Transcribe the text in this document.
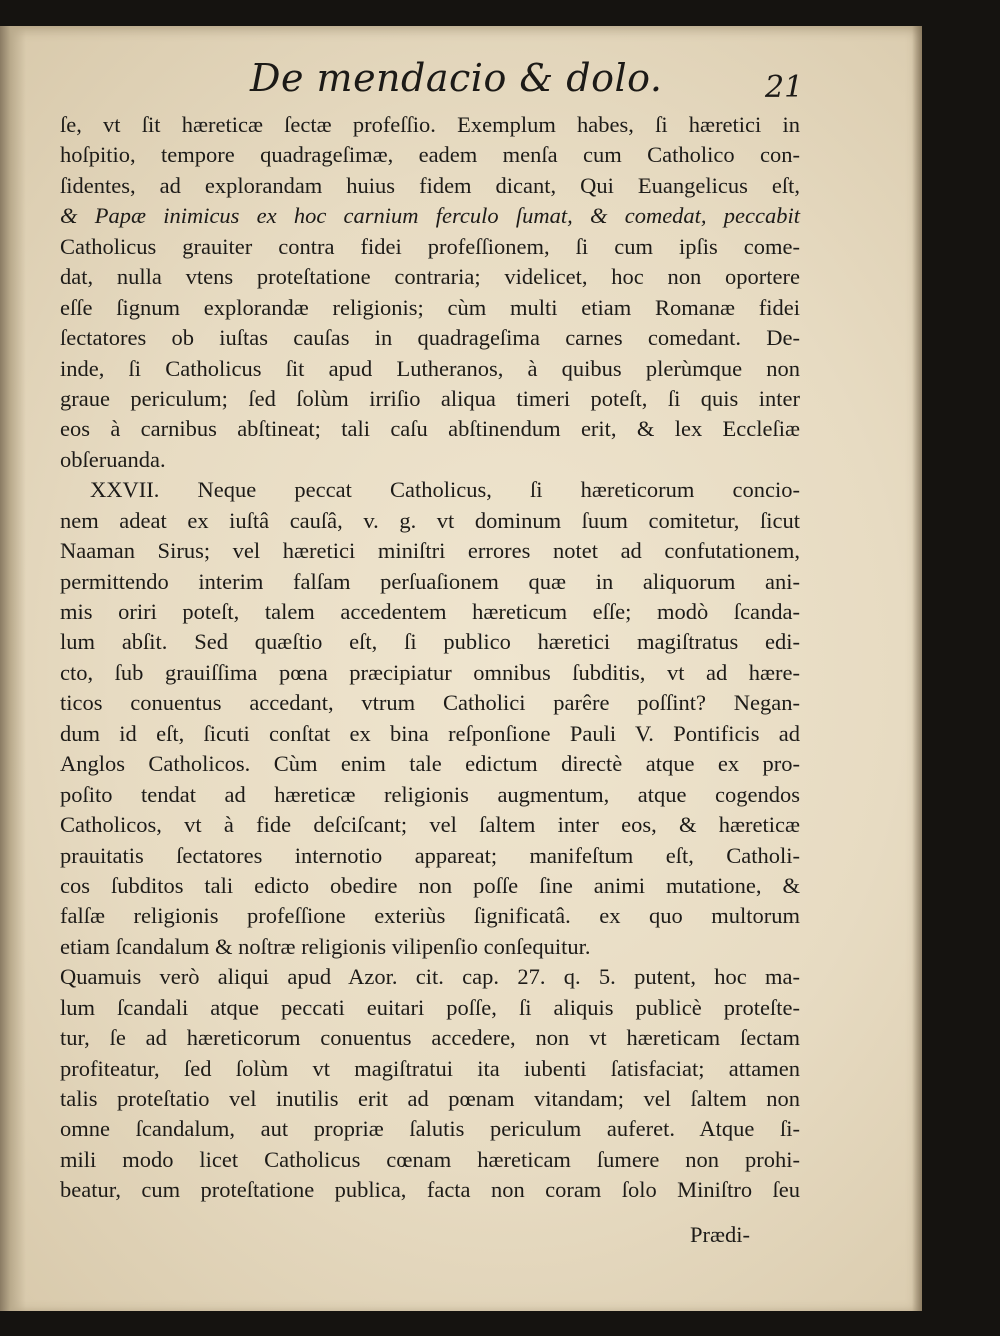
De mendacio & dolo.	21
ſe, vt ſit hæreticæ ſectæ profeſſio. Exemplum habes, ſi hæretici in
hoſpitio, tempore quadrageſimæ, eadem menſa cum Catholico con-
ſidentes, ad explorandam huius fidem dicant, Qui Euangelicus eſt,
& Papæ inimicus ex hoc carnium ferculo ſumat, & comedat, peccabit
Catholicus grauiter contra fidei profeſſionem, ſi cum ipſis come-
dat, nulla vtens proteſtatione contraria; videlicet, hoc non oportere
eſſe ſignum explorandæ religionis; cùm multi etiam Romanæ fidei
ſectatores ob iuſtas cauſas in quadrageſima carnes comedant. De-
inde, ſi Catholicus ſit apud Lutheranos, à quibus plerùmque non
graue periculum; ſed ſolùm irriſio aliqua timeri poteſt, ſi quis inter
eos à carnibus abſtineat; tali caſu abſtinendum erit, & lex Eccleſiæ
obſeruanda.
XXVII. Neque peccat Catholicus, ſi hæreticorum concio-
nem adeat ex iuſtâ cauſâ, v. g. vt dominum ſuum comitetur, ſicut
Naaman Sirus; vel hæretici miniſtri errores notet ad confutationem,
permittendo interim falſam perſuaſionem quæ in aliquorum ani-
mis oriri poteſt, talem accedentem hæreticum eſſe; modò ſcanda-
lum abſit. Sed quæſtio eſt, ſi publico hæretici magiſtratus edi-
cto, ſub grauiſſima pœna præcipiatur omnibus ſubditis, vt ad hære-
ticos conuentus accedant, vtrum Catholici parêre poſſint? Negan-
dum id eſt, ſicuti conſtat ex bina reſponſione Pauli V. Pontificis ad
Anglos Catholicos. Cùm enim tale edictum directè atque ex pro-
poſito tendat ad hæreticæ religionis augmentum, atque cogendos
Catholicos, vt à fide deſciſcant; vel ſaltem inter eos, & hæreticæ
prauitatis ſectatores internotio appareat; manifeſtum eſt, Catholi-
cos ſubditos tali edicto obedire non poſſe ſine animi mutatione, &
falſæ religionis profeſſione exteriùs ſignificatâ. ex quo multorum
etiam ſcandalum & noſtræ religionis vilipenſio conſequitur.
Quamuis verò aliqui apud Azor. cit. cap. 27. q. 5. putent, hoc ma-
lum ſcandali atque peccati euitari poſſe, ſi aliquis publicè proteſte-
tur, ſe ad hæreticorum conuentus accedere, non vt hæreticam ſectam
profiteatur, ſed ſolùm vt magiſtratui ita iubenti ſatisfaciat; attamen
talis proteſtatio vel inutilis erit ad pœnam vitandam; vel ſaltem non
omne ſcandalum, aut propriæ ſalutis periculum auferet. Atque ſi-
mili modo licet Catholicus cœnam hæreticam ſumere non prohi-
beatur, cum proteſtatione publica, facta non coram ſolo Miniſtro ſeu
Prædi-
